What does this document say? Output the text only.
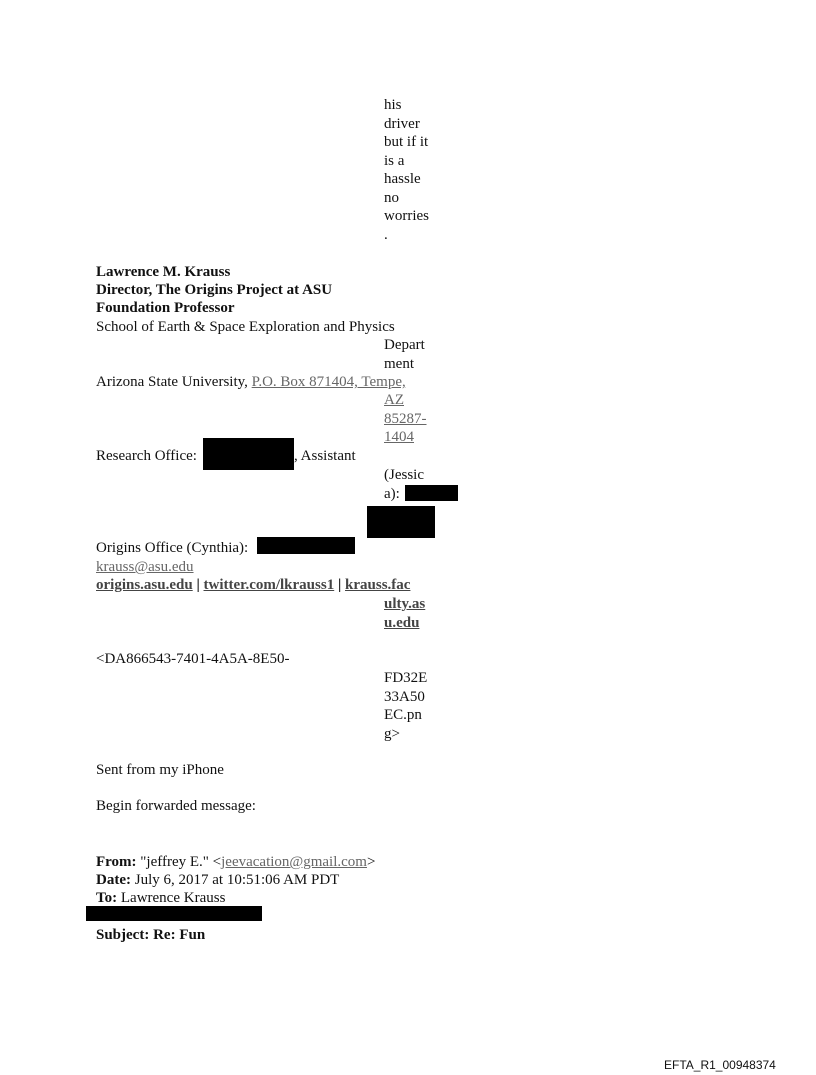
his
driver
but if it
is a
hassle
no
worries
.
Lawrence M. Krauss
Director, The Origins Project at ASU
Foundation Professor
School of Earth & Space Exploration and Physics
Depart
ment
Arizona State University, P.O. Box 871404, Tempe,
AZ
85287-
1404
Research Office:	, Assistant
(Jessic
a):
Origins Office (Cynthia):
krauss@asu.edu
origins.asu.edu | twitter.com/lkrauss1 | krauss.fac
ulty.as
u.edu
<DA866543-7401-4A5A-8E50-
FD32E
33A50
EC.pn
g>
Sent from my iPhone
Begin forwarded message:
From: "jeffrey E." <jeevacation@gmail.com>
Date: July 6, 2017 at 10:51:06 AM PDT
To: Lawrence Krauss
Subject: Re: Fun
EFTA_R1_00948374
